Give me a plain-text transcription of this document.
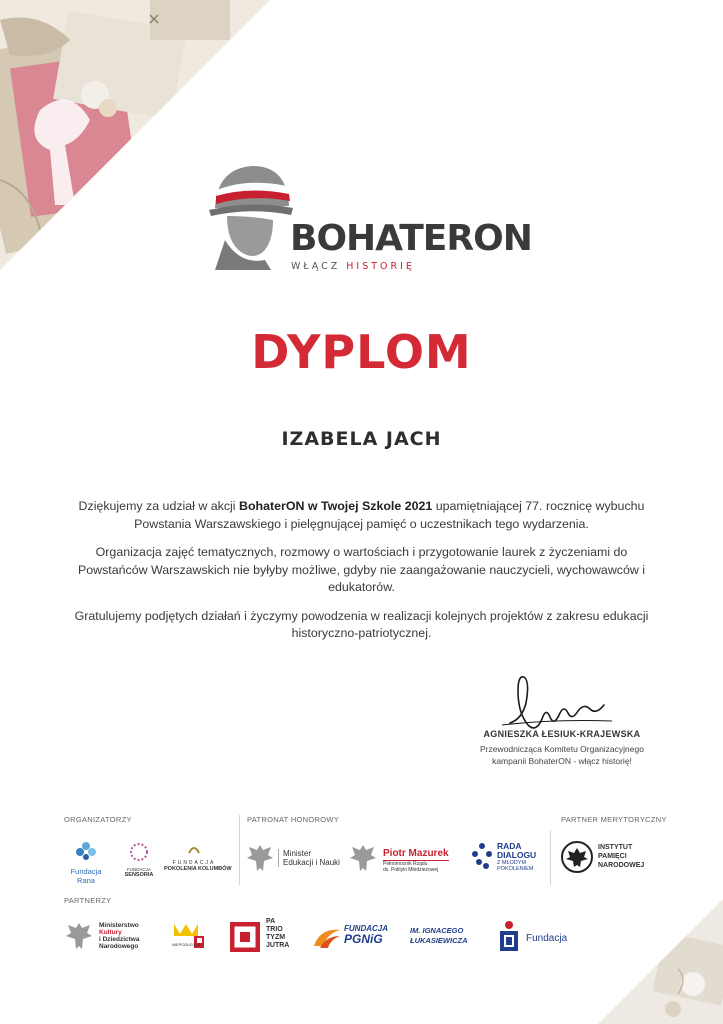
BOHATERON
WŁĄCZ HISTORIĘ
DYPLOM
IZABELA JACH

Dziękujemy za udział w akcji BohaterON w Twojej Szkole 2021 upamiętniającej 77. rocznicę wybuchu Powstania Warszawskiego i pielęgnującej pamięć o uczestnikach tego wydarzenia.

Organizacja zajęć tematycznych, rozmowy o wartościach i przygotowanie laurek z życzeniami do Powstańców Warszawskich nie byłyby możliwe, gdyby nie zaangażowanie nauczycieli, wychowawców i edukatorów.

Gratulujemy podjętych działań i życzymy powodzenia w realizacji kolejnych projektów z zakresu edukacji historyczno-patriotycznej.

AGNIESZKA ŁESIUK-KRAJEWSKA
Przewodnicząca Komitetu Organizacyjnego
kampanii BohaterON - włącz historię!
ORGANIZATORZY	PATRONAT HONOROWY	PARTNER MERYTORYCZNY
PARTNERZY
Fundacja Rana
FUNDACJA
SENSORIA
FUNDACJA
POKOLENIA KOLUMBÓW
Minister
Edukacji i Nauki
Piotr Mazurek
Pełnomocnik Rządu
ds. Polityki Młodzieżowej
RADA
DIALOGU
Z MŁODYM
POKOLENIEM
INSTYTUT
PAMIĘCI
NARODOWEJ
Ministerstwo
Kultury
i Dziedzictwa
Narodowego	NIEPODLEGŁA
PA
TRIO
TYZM
JUTRA
FUNDACJA
PGNiG
IM. IGNACEGO
ŁUKASIEWICZA	Fundacja
